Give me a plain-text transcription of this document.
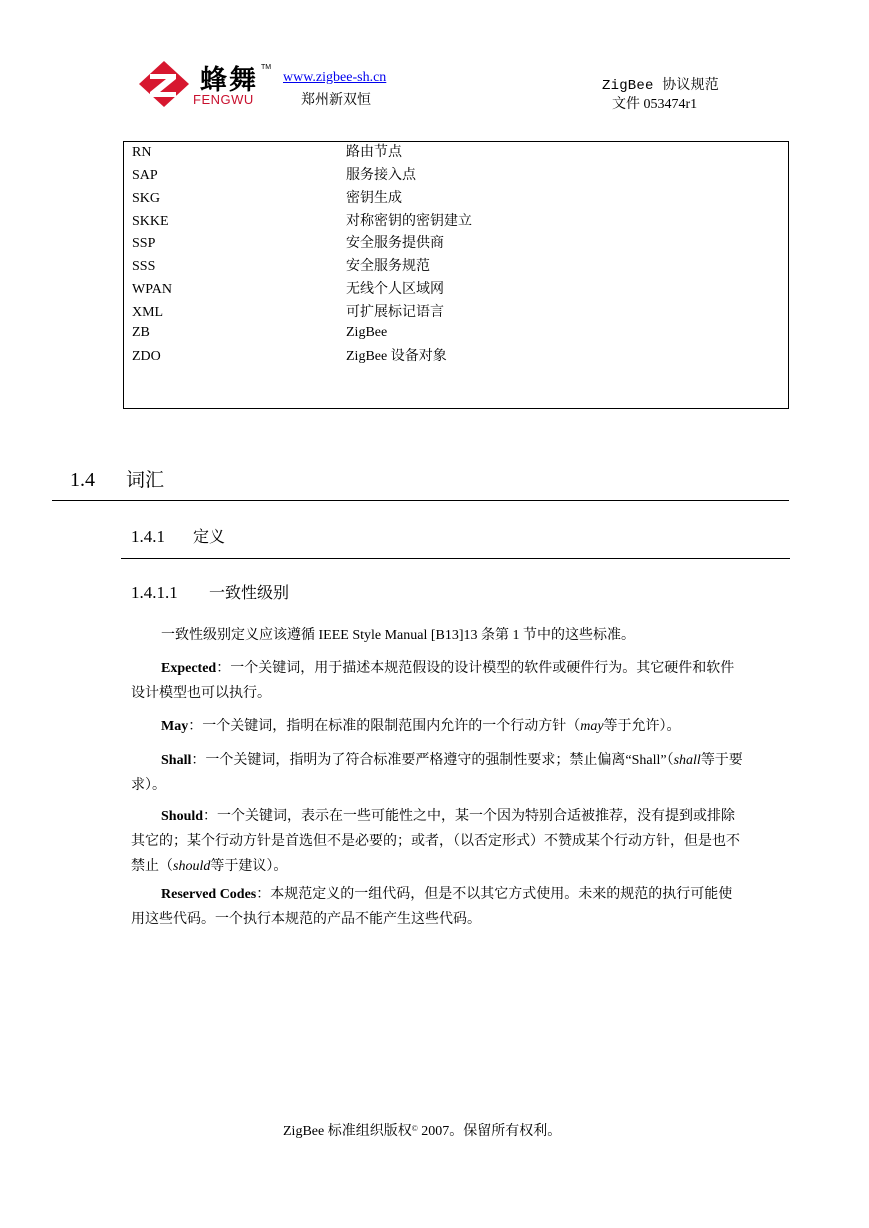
蜂舞 TM
FENGWU
www.zigbee-sh.cn
郑州新双恒
ZigBee 协议规范
文件 053474r1
RN	路由节点
SAP	服务接入点
SKG	密钥生成
SKKE	对称密钥的密钥建立
SSP	安全服务提供商
SSS	安全服务规范
WPAN	无线个人区域网
XML	可扩展标记语言
ZB	ZigBee
ZDO	ZigBee 设备对象
1.4 词汇
1.4.1 定义
1.4.1.1 一致性级别

一致性级别定义应该遵循 IEEE Style Manual [B13]13 条第 1 节中的这些标准。

Expected：一个关键词，用于描述本规范假设的设计模型的软件或硬件行为。其它硬件和软件设计模型也可以执行。

May：一个关键词，指明在标准的限制范围内允许的一个行动方针（may等于允许）。

Shall：一个关键词，指明为了符合标准要严格遵守的强制性要求；禁止偏离“Shall”（shall等于要求）。

Should：一个关键词，表示在一些可能性之中，某一个因为特别合适被推荐，没有提到或排除其它的；某个行动方针是首选但不是必要的；或者，（以否定形式）不赞成某个行动方针，但是也不禁止（should等于建议）。

Reserved Codes：本规范定义的一组代码，但是不以其它方式使用。未来的规范的执行可能使用这些代码。一个执行本规范的产品不能产生这些代码。

ZigBee 标准组织版权© 2007。保留所有权利。
